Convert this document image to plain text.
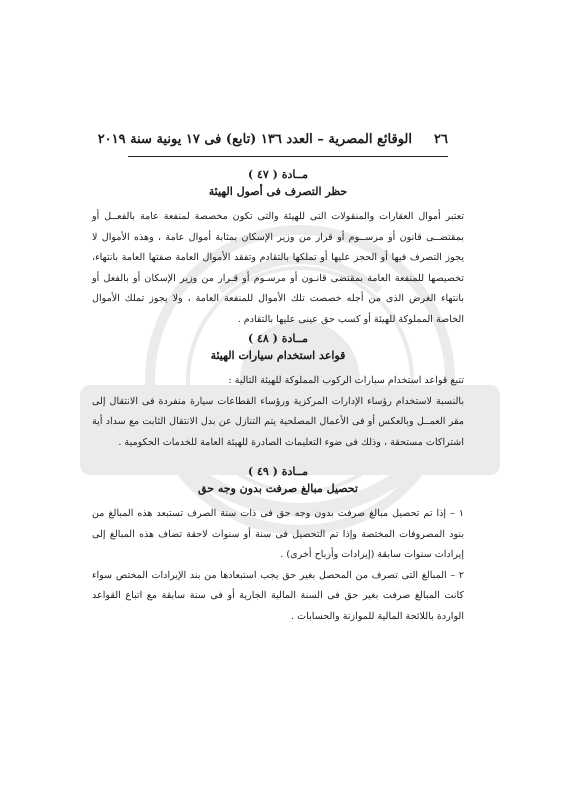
٢٦
الوقائع المصرية – العدد ١٣٦ (تابع) فى ١٧ يونية سنة ٢٠١٩
مــادة ( ٤٧ )
حظر التصرف فى أصول الهيئة
تعتبر أموال العقارات والمنقولات التى للهيئة والتى تكون مخصصة لمنفعة عامة بالفعــل أو بمقتضــى قانون أو مرســوم أو قرار من وزير الإسكان بمثابة أموال عامة ، وهذه الأموال لا يجوز التصرف فيها أو الحجز عليها أو تملكها بالتقادم وتفقد الأموال العامة صفتها العامة بانتهاء، تخصيصها للمنفعة العامة بمقتضى قانـون أو مرسـوم أو قـرار من وزير الإسكان أو بالفعل أو بانتهاء الغرض الذى من أجله خصصت تلك الأموال للمنفعة العامة ، ولا يجوز تملك الأموال الخاصة المملوكة للهيئة أو كسب حق عينى عليها بالتقادم .
مــادة ( ٤٨ )
قواعد استخدام سيارات الهيئة
تتبع قواعد استخدام سيارات الركوب المملوكة للهيئة التالية :
بالنسبة لاستخدام رؤساء الإدارات المركزية ورؤساء القطاعات سيارة منفردة فى الانتقال إلى مقر العمــل وبالعكس أو فى الأعمال المصلحية يتم التنازل عن بدل الانتقال الثابت مع سداد أية اشتراكات مستحقة ، وذلك فى ضوء التعليمات الصادرة للهيئة العامة للخدمات الحكومية .
مــادة ( ٤٩ )
تحصيل مبالغ صرفت بدون وجه حق
١ – إذا تم تحصيل مبالغ صرفت بدون وجه حق فى ذات سنة الصرف تستبعد هذه المبالغ من بنود المصروفات المختصة وإذا تم التحصيل فى سنة أو سنوات لاحقة تضاف هذه المبالغ إلى إيرادات سنوات سابقة (إيرادات وأرباح أخرى) .
٢ – المبالغ التى تصرف من المحصل بغير حق يجب استبعادها من بند الإيرادات المختص سواء كانت المبالغ صرفت بغير حق فى السنة المالية الجارية أو فى سنة سابقة مع اتباع القواعد الواردة باللائحة المالية للموازنة والحسابات .
